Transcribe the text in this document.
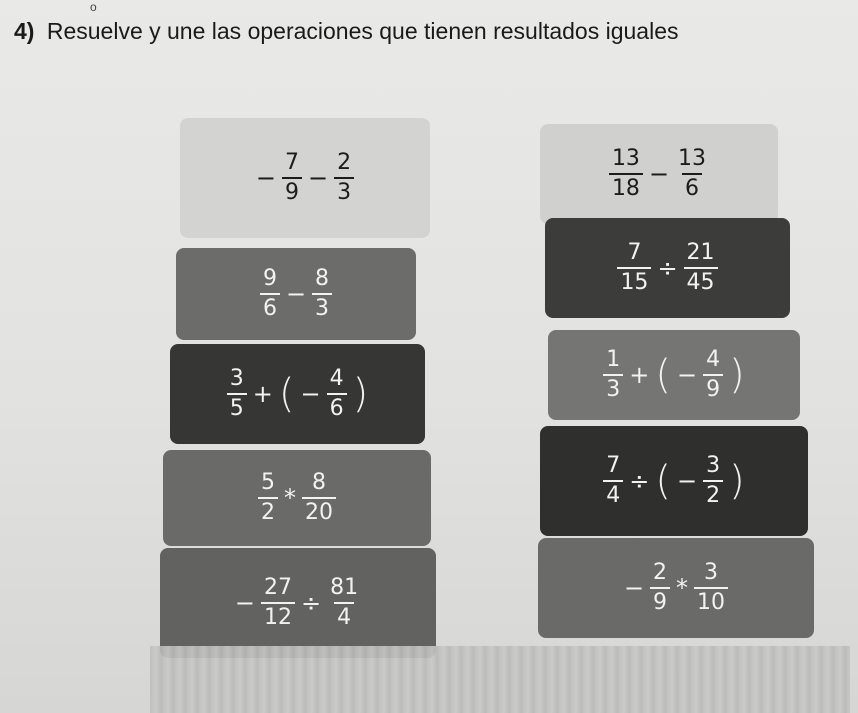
o
4) Resuelve y une las operaciones que tienen resultados iguales
− $\frac{7}{9} - \frac{2}{3}$
$\frac{9}{6} - \frac{8}{3}$
$\frac{3}{5}$ + ( − $\frac{4}{6}$ )
$\frac{5}{2} * \frac{8}{20}$
− $\frac{27}{12} \div \frac{81}{4}$
$\frac{13}{18} - \frac{13}{6}$
$\frac{7}{15} \div \frac{21}{45}$
$\frac{1}{3}$ + ( − $\frac{4}{9}$ )
$\frac{7}{4}$ ÷ ( − $\frac{3}{2}$ )
− $\frac{2}{9} * \frac{3}{10}$
